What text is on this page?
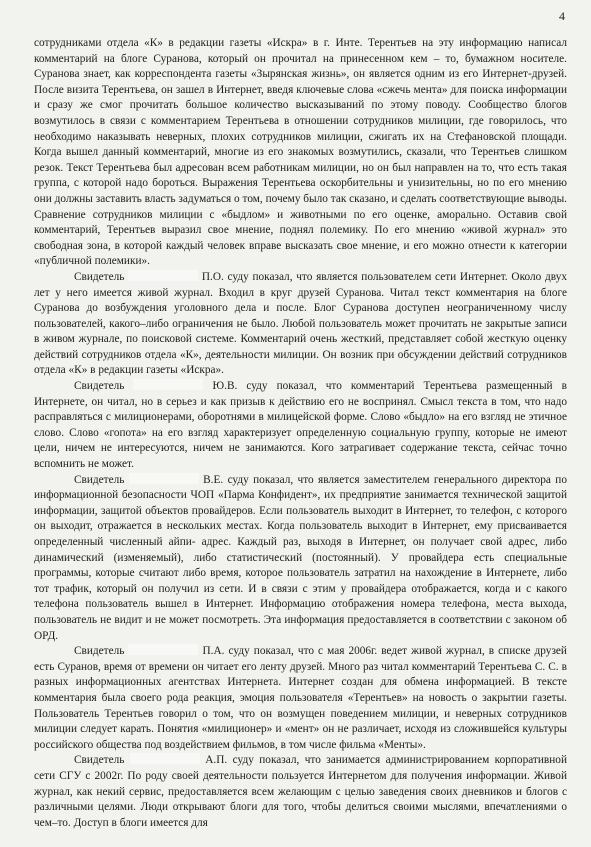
4

сотрудниками отдела «К» в редакции газеты «Искра» в г. Инте. Терентьев на эту информацию написал комментарий на блоге Суранова, который он прочитал на принесенном кем – то, бумажном носителе. Суранова знает, как корреспондента газеты «Зырянская жизнь», он является одним из его Интернет-друзей. После визита Терентьева, он зашел в Интернет, введя ключевые слова «сжечь мента» для поиска информации и сразу же смог прочитать большое количество высказываний по этому поводу. Сообщество блогов возмутилось в связи с комментарием Терентьева в отношении сотрудников милиции, где говорилось, что необходимо наказывать неверных, плохих сотрудников милиции, сжигать их на Стефановской площади. Когда вышел данный комментарий, многие из его знакомых возмутились, сказали, что Терентьев слишком резок. Текст Терентьева был адресован всем работникам милиции, но он был направлен на то, что есть такая группа, с которой надо бороться. Выражения Терентьева оскорбительны и унизительны, но по его мнению они должны заставить власть задуматься о том, почему было так сказано, и сделать соответствующие выводы. Сравнение сотрудников милиции с «быдлом» и животными по его оценке, аморально. Оставив свой комментарий, Терентьев выразил свое мнение, поднял полемику. По его мнению «живой журнал» это свободная зона, в которой каждый человек вправе высказать свое мнение, и его можно отнести к категории «публичной полемики».

Свидетель	П.О. суду показал, что является пользователем сети Интернет. Около двух лет у него имеется живой журнал. Входил в круг друзей Суранова. Читал текст комментария на блоге Суранова до возбуждения уголовного дела и после. Блог Суранова доступен неограниченному числу пользователей, какого–либо ограничения не было. Любой пользователь может прочитать не закрытые записи в живом журнале, по поисковой системе. Комментарий очень жесткий, представляет собой жесткую оценку действий сотрудников отдела «К», деятельности милиции. Он возник при обсуждении действий сотрудников отдела «К» в редакции газеты «Искра».

Свидетель	Ю.В. суду показал, что комментарий Терентьева размещенный в Интернете, он читал, но в серьез и как призыв к действию его не воспринял. Смысл текста в том, что надо расправляться с милиционерами, оборотнями в милицейской форме. Слово «быдло» на его взгляд не этичное слово. Слово «гопота» на его взгляд характеризует определенную социальную группу, которые не имеют цели, ничем не интересуются, ничем не занимаются. Кого затрагивает содержание текста, сейчас точно вспомнить не может.

Свидетель	В.Е. суду показал, что является заместителем генерального директора по информационной безопасности ЧОП «Парма Конфидент», их предприятие занимается технической защитой информации, защитой объектов провайдеров. Если пользователь выходит в Интернет, то телефон, с которого он выходит, отражается в нескольких местах. Когда пользователь выходит в Интернет, ему присваивается определенный численный айпи- адрес. Каждый раз, выходя в Интернет, он получает свой адрес, либо динамический (изменяемый), либо статистический (постоянный). У провайдера есть специальные программы, которые считают либо время, которое пользователь затратил на нахождение в Интернете, либо тот трафик, который он получил из сети. И в связи с этим у провайдера отображается, когда и с какого телефона пользователь вышел в Интернет. Информацию отображения номера телефона, места выхода, пользователь не видит и не может посмотреть. Эта информация предоставляется в соответствии с законом об ОРД.

Свидетель	П.А. суду показал, что с мая 2006г. ведет живой журнал, в списке друзей есть Суранов, время от времени он читает его ленту друзей. Много раз читал комментарий Терентьева С. С. в разных информационных агентствах Интернета. Интернет создан для обмена информацией. В тексте комментария была своего рода реакция, эмоция пользователя «Терентьев» на новость о закрытии газеты. Пользователь Терентьев говорил о том, что он возмущен поведением милиции, и неверных сотрудников милиции следует карать. Понятия «милиционер» и «мент» он не различает, исходя из сложившейся культуры российского общества под воздействием фильмов, в том числе фильма «Менты».

Свидетель	А.П. суду показал, что занимается администрированием корпоративной сети СГУ с 2002г. По роду своей деятельности пользуется Интернетом для получения информации. Живой журнал, как некий сервис, предоставляется всем желающим с целью заведения своих дневников и блогов с различными целями. Люди открывают блоги для того, чтобы делиться своими мыслями, впечатлениями о чем–то. Доступ в блоги имеется для
